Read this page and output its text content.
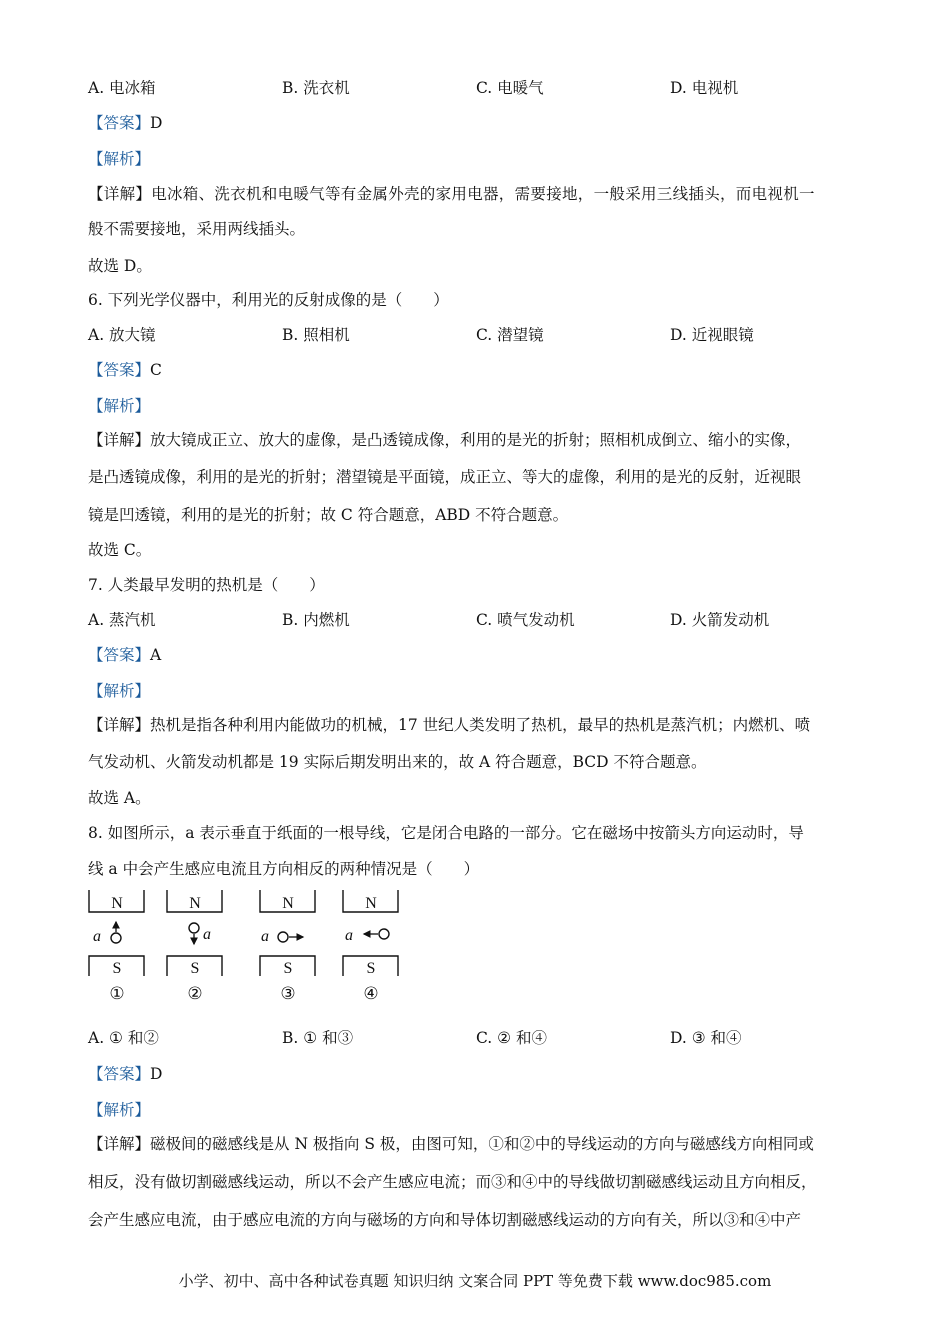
A. 电冰箱	B. 洗衣机	C. 电暖气	D. 电视机
【答案】D
【解析】
【详解】电冰箱、洗衣机和电暖气等有金属外壳的家用电器，需要接地，一般采用三线插头，而电视机一
般不需要接地，采用两线插头。
故选 D。
6. 下列光学仪器中，利用光的反射成像的是（　　）
A. 放大镜	B. 照相机	C. 潜望镜	D. 近视眼镜
【答案】C
【解析】
【详解】放大镜成正立、放大的虚像，是凸透镜成像，利用的是光的折射；照相机成倒立、缩小的实像，
是凸透镜成像，利用的是光的折射；潜望镜是平面镜，成正立、等大的虚像，利用的是光的反射，近视眼
镜是凹透镜，利用的是光的折射；故 C 符合题意，ABD 不符合题意。
故选 C。
7. 人类最早发明的热机是（　　）
A. 蒸汽机	B. 内燃机	C. 喷气发动机	D. 火箭发动机
【答案】A
【解析】
【详解】热机是指各种利用内能做功的机械，17 世纪人类发明了热机，最早的热机是蒸汽机；内燃机、喷
气发动机、火箭发动机都是 19 实际后期发明出来的，故 A 符合题意，BCD 不符合题意。
故选 A。
8. 如图所示，a 表示垂直于纸面的一根导线，它是闭合电路的一部分。它在磁场中按箭头方向运动时，导
线 a 中会产生感应电流且方向相反的两种情况是（　　）
N
S
①
a
N
S
②
a
N
S
③
a
N
S
④
a
A. ① 和②	B. ① 和③	C. ② 和④	D. ③ 和④
【答案】D
【解析】
【详解】磁极间的磁感线是从 N 极指向 S 极，由图可知，①和②中的导线运动的方向与磁感线方向相同或
相反，没有做切割磁感线运动，所以不会产生感应电流；而③和④中的导线做切割磁感线运动且方向相反，
会产生感应电流，由于感应电流的方向与磁场的方向和导体切割磁感线运动的方向有关，所以③和④中产
小学、初中、高中各种试卷真题 知识归纳 文案合同 PPT 等免费下载 www.doc985.com
